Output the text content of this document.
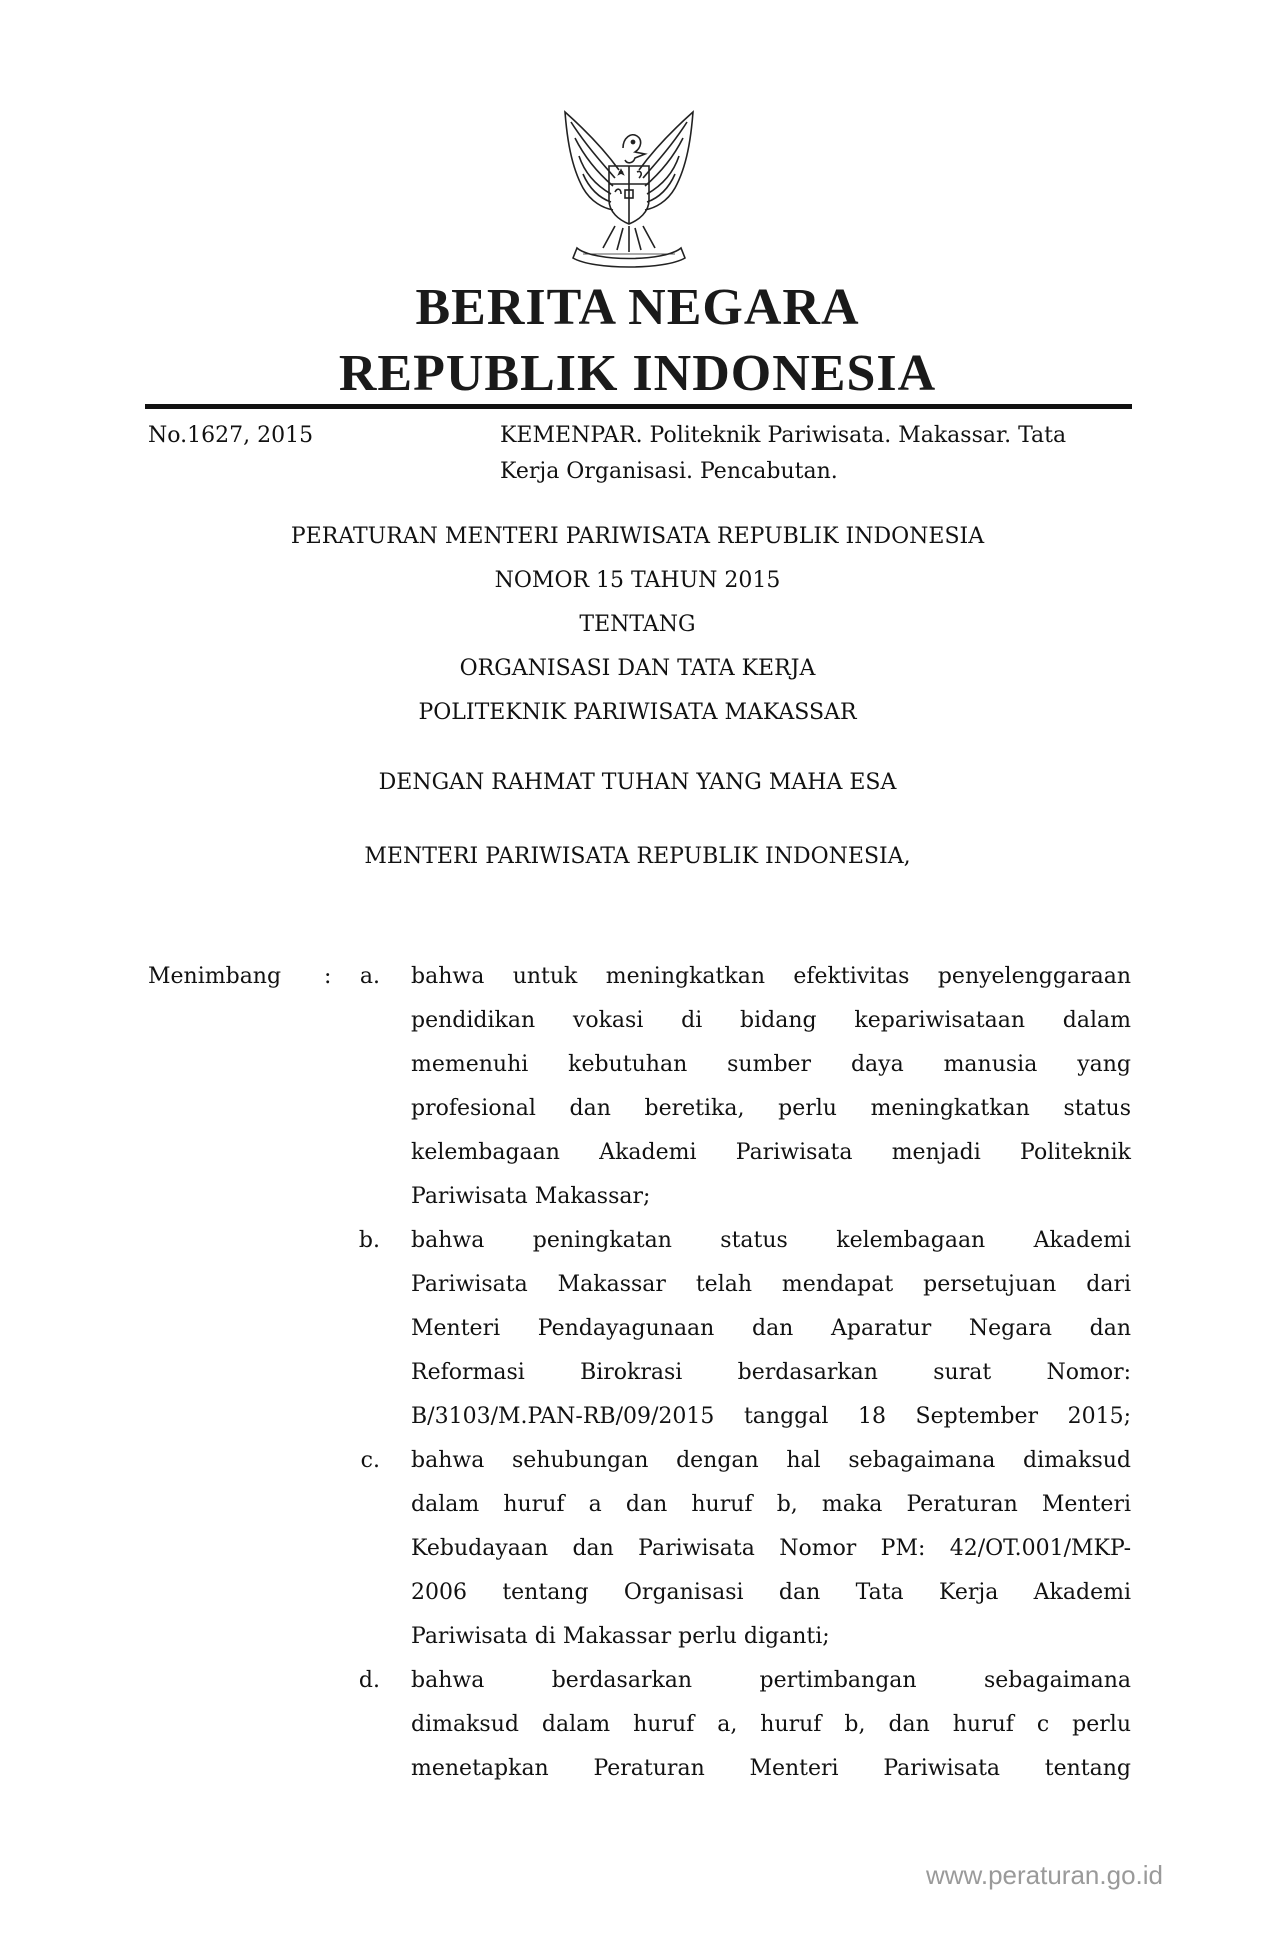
BERITA NEGARA
REPUBLIK INDONESIA
No.1627, 2015	KEMENPAR. Politeknik Pariwisata. Makassar. Tata
Kerja Organisasi. Pencabutan.
PERATURAN MENTERI PARIWISATA REPUBLIK INDONESIA
NOMOR 15 TAHUN 2015
TENTANG
ORGANISASI DAN TATA KERJA
POLITEKNIK PARIWISATA MAKASSAR
DENGAN RAHMAT TUHAN YANG MAHA ESA
MENTERI PARIWISATA REPUBLIK INDONESIA,
Menimbang :	a. bahwa untuk meningkatkan efektivitas penyelenggaraan
pendidikan vokasi di bidang kepariwisataan dalam
memenuhi kebutuhan sumber daya manusia yang
profesional dan beretika, perlu meningkatkan status
kelembagaan Akademi Pariwisata menjadi Politeknik
Pariwisata Makassar;
b. bahwa peningkatan status kelembagaan Akademi
Pariwisata Makassar telah mendapat persetujuan dari
Menteri Pendayagunaan dan Aparatur Negara dan
Reformasi Birokrasi berdasarkan surat Nomor:
B/3103/M.PAN-RB/09/2015 tanggal 18 September 2015;
c. bahwa sehubungan dengan hal sebagaimana dimaksud
dalam huruf a dan huruf b, maka Peraturan Menteri
Kebudayaan dan Pariwisata Nomor PM: 42/OT.001/MKP-
2006 tentang Organisasi dan Tata Kerja Akademi
Pariwisata di Makassar perlu diganti;
d. bahwa berdasarkan pertimbangan sebagaimana
dimaksud dalam huruf a, huruf b, dan huruf c perlu
menetapkan Peraturan Menteri Pariwisata tentang
www.peraturan.go.id
